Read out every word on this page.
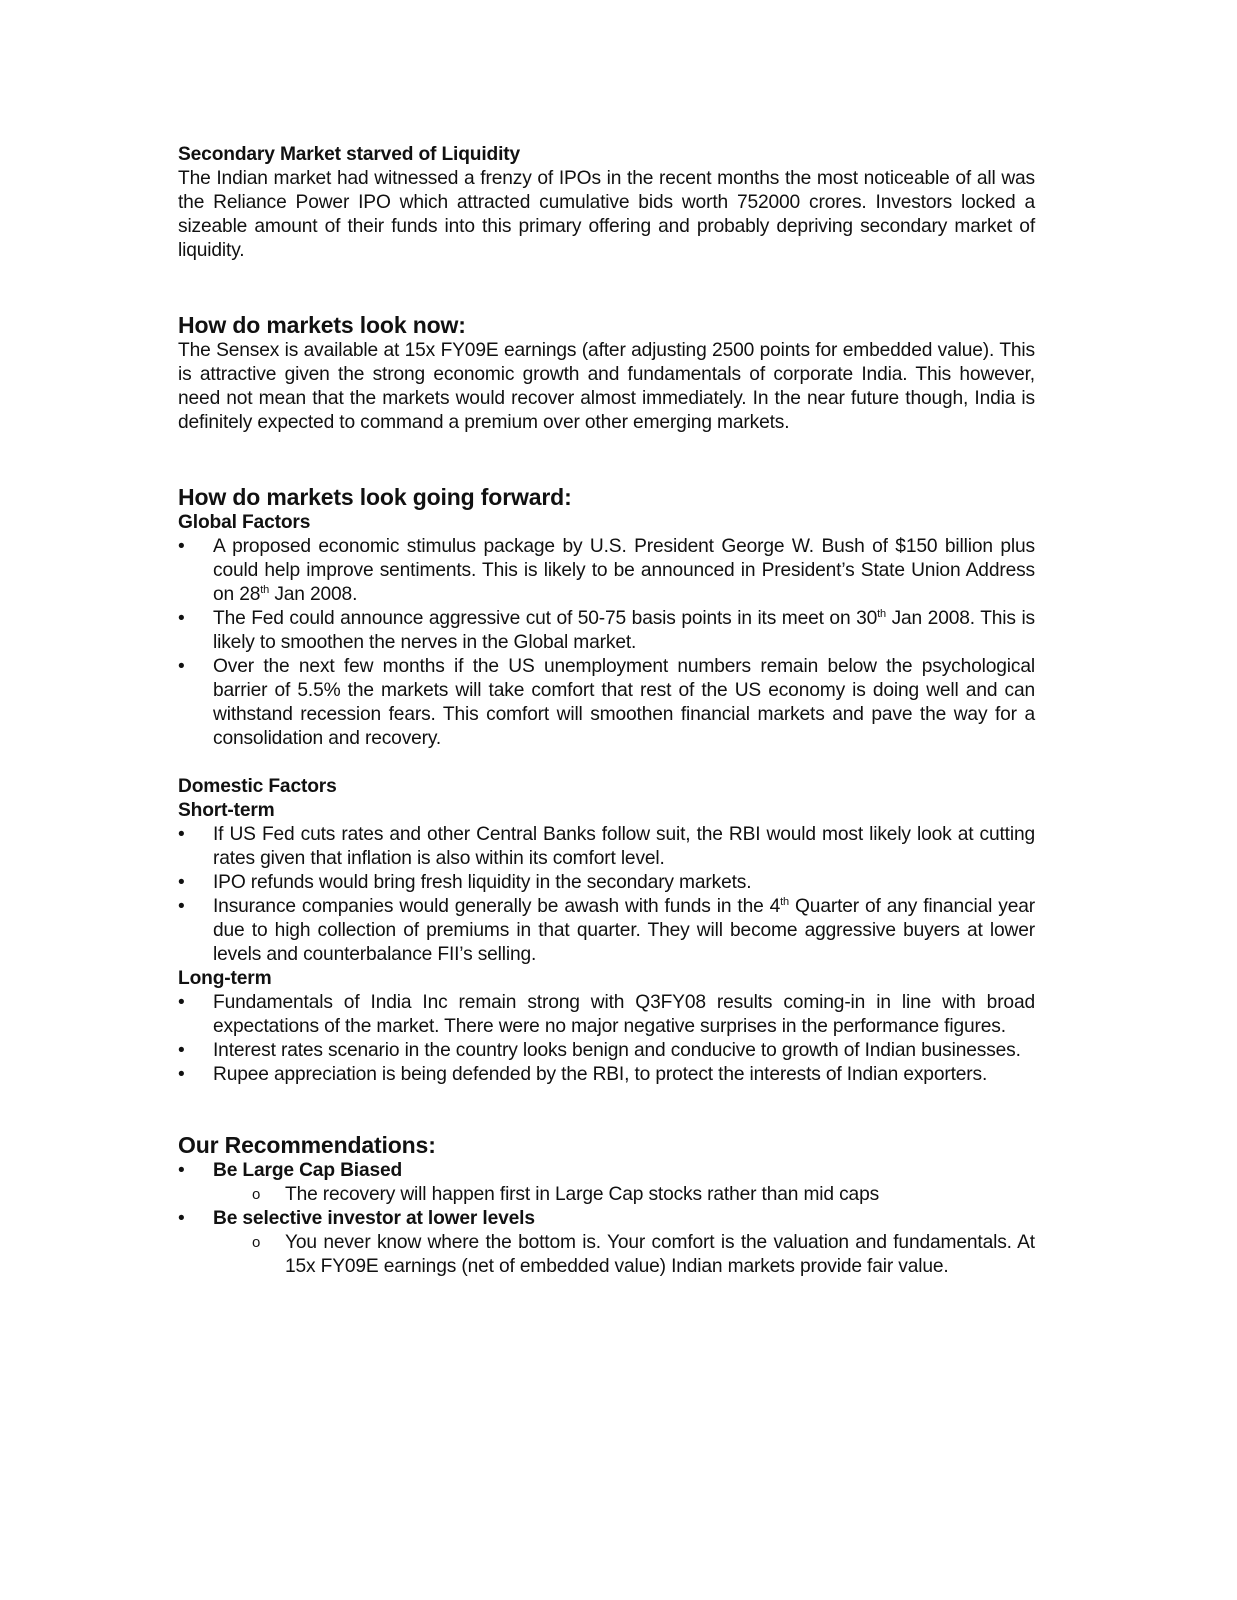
Secondary Market starved of Liquidity

The Indian market had witnessed a frenzy of IPOs in the recent months the most noticeable of all was the Reliance Power IPO which attracted cumulative bids worth 752000 crores. Investors locked a sizeable amount of their funds into this primary offering and probably depriving secondary market of liquidity.

How do markets look now:

The Sensex is available at 15x FY09E earnings (after adjusting 2500 points for embedded value). This is attractive given the strong economic growth and fundamentals of corporate India. This however, need not mean that the markets would recover almost immediately. In the near future though, India is definitely expected to command a premium over other emerging markets.

How do markets look going forward:

Global Factors

• A proposed economic stimulus package by U.S. President George W. Bush of $150 billion plus could help improve sentiments. This is likely to be announced in President’s State Union Address on 28th Jan 2008.
• The Fed could announce aggressive cut of 50-75 basis points in its meet on 30th Jan 2008. This is likely to smoothen the nerves in the Global market.
• Over the next few months if the US unemployment numbers remain below the psychological barrier of 5.5% the markets will take comfort that rest of the US economy is doing well and can withstand recession fears. This comfort will smoothen financial markets and pave the way for a consolidation and recovery.

Domestic Factors

Short-term

• If US Fed cuts rates and other Central Banks follow suit, the RBI would most likely look at cutting rates given that inflation is also within its comfort level.
• IPO refunds would bring fresh liquidity in the secondary markets.
• Insurance companies would generally be awash with funds in the 4th Quarter of any financial year due to high collection of premiums in that quarter. They will become aggressive buyers at lower levels and counterbalance FII’s selling.

Long-term

• Fundamentals of India Inc remain strong with Q3FY08 results coming-in in line with broad expectations of the market. There were no major negative surprises in the performance figures.
• Interest rates scenario in the country looks benign and conducive to growth of Indian businesses.
• Rupee appreciation is being defended by the RBI, to protect the interests of Indian exporters.

Our Recommendations:

• Be Large Cap Biased
o The recovery will happen first in Large Cap stocks rather than mid caps
• Be selective investor at lower levels
o You never know where the bottom is. Your comfort is the valuation and fundamentals. At 15x FY09E earnings (net of embedded value) Indian markets provide fair value.
